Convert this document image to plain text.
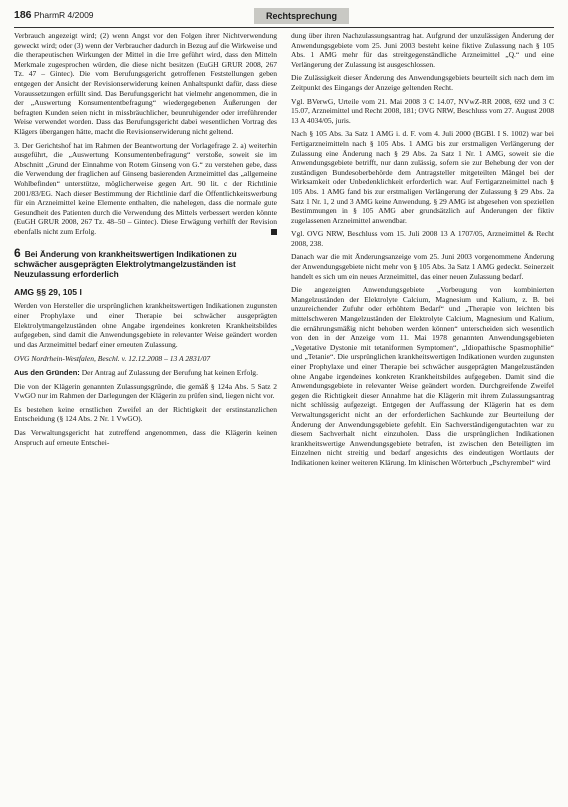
186 PharmR 4/2009	Rechtsprechung

Verbrauch angezeigt wird; (2) wenn Angst vor den Folgen ihrer Nichtverwendung geweckt wird; oder (3) wenn der Verbraucher dadurch in Bezug auf die Wirkweise und die therapeutischen Wirkungen der Mittel in die Irre geführt wird, dass den Mitteln Merkmale zugesprochen würden, die diese nicht besitzen (EuGH GRUR 2008, 267 Tz. 47 – Gintec). Die vom Berufungsgericht getroffenen Feststellungen geben entgegen der Ansicht der Revisionserwiderung keinen Anhaltspunkt dafür, dass diese Voraussetzungen erfüllt sind. Das Berufungsgericht hat vielmehr angenommen, die in der „Auswertung Konsumententbefragung“ wiedergegebenen Äußerungen der befragten Kunden seien nicht in missbräuchlicher, beunruhigender oder irreführender Weise verwendet worden. Dass das Berufungsgericht dabei wesentlichen Vortrag des Klägers übergangen hätte, macht die Revisionserwiderung nicht geltend.

3. Der Gerichtshof hat im Rahmen der Beantwortung der Vorlagefrage 2. a) weiterhin ausgeführt, die „Auswertung Konsumentenbefragung“ verstoße, soweit sie im Abschnitt „Grund der Einnahme von Rotem Ginseng von G.“ zu verstehen gebe, dass die Verwendung der fraglichen auf Ginseng basierenden Arzneimittel das „allgemeine Wohlbefinden“ unterstütze, möglicherweise gegen Art. 90 lit. c der Richtlinie 2001/83/EG. Nach dieser Bestimmung der Richtlinie darf die Öffentlichkeitswerbung für ein Arzneimittel keine Elemente enthalten, die nahelegen, dass die normale gute Gesundheit des Patienten durch die Verwendung des Mittels verbessert werden könnte (EuGH GRUR 2008, 267 Tz. 48–50 – Gintec). Diese Erwägung verhilft der Revision ebenfalls nicht zum Erfolg.

6 Bei Änderung von krankheitswertigen Indikationen zu schwächer ausgeprägten Elektrolytmangelzuständen ist Neuzulassung erforderlich
AMG §§ 29, 105 I

Werden von Hersteller die ursprünglichen krankheitswertigen Indikationen zugunsten einer Prophylaxe und einer Therapie bei schwächer ausgeprägten Elektrolytmangelzuständen ohne Angabe irgendeines konkreten Krankheitsbildes aufgegeben, sind damit die Anwendungsgebiete in relevanter Weise geändert worden und das Arzneimittel bedarf einer erneuten Zulassung.

OVG Nordrhein-Westfalen, Beschl. v. 12.12.2008 – 13 A 2831/07

Aus den Gründen: Der Antrag auf Zulassung der Berufung hat keinen Erfolg.

Die von der Klägerin genannten Zulassungsgründe, die gemäß § 124a Abs. 5 Satz 2 VwGO nur im Rahmen der Darlegungen der Klägerin zu prüfen sind, liegen nicht vor.

Es bestehen keine ernstlichen Zweifel an der Richtigkeit der erstinstanzlichen Entscheidung (§ 124 Abs. 2 Nr. 1 VwGO).

Das Verwaltungsgericht hat zutreffend angenommen, dass die Klägerin keinen Anspruch auf erneute Entschei-

dung über ihren Nachzulassungsantrag hat. Aufgrund der unzulässigen Änderung der Anwendungsgebiete vom 25. Juni 2003 besteht keine fiktive Zulassung nach § 105 Abs. 1 AMG mehr für das streitgegenständliche Arzneimittel „Q.“ und eine Verlängerung der Zulassung ist ausgeschlossen.

Die Zulässigkeit dieser Änderung des Anwendungsgebiets beurteilt sich nach dem im Zeitpunkt des Eingangs der Anzeige geltenden Recht.

Vgl. BVerwG, Urteile vom 21. Mai 2008 3 C 14.07, NVwZ-RR 2008, 692 und 3 C 15.07, Arzneimittel und Recht 2008, 181; OVG NRW, Beschluss vom 27. August 2008 13 A 4034/05, juris.

Nach § 105 Abs. 3a Satz 1 AMG i. d. F. vom 4. Juli 2000 (BGBl. I S. 1002) war bei Fertigarzneimitteln nach § 105 Abs. 1 AMG bis zur erstmaligen Verlängerung der Zulassung eine Änderung nach § 29 Abs. 2a Satz 1 Nr. 1 AMG, soweit sie die Anwendungsgebiete betrifft, nur dann zulässig, sofern sie zur Behebung der von der zuständigen Bundesoberbehörde dem Antragsteller mitgeteilten Mängel bei der Wirksamkeit oder Unbedenklichkeit erforderlich war. Auf Fertigarzneimittel nach § 105 Abs. 1 AMG fand bis zur erstmaligen Verlängerung der Zulassung § 29 Abs. 2a Satz 1 Nr. 1, 2 und 3 AMG keine Anwendung. § 29 AMG ist abgesehen von speziellen Bestimmungen in § 105 AMG aber grundsätzlich auf Änderungen der fiktiv zugelassenen Arzneimittel anwendbar.

Vgl. OVG NRW, Beschluss vom 15. Juli 2008 13 A 1707/05, Arzneimittel & Recht 2008, 238.

Danach war die mit Änderungsanzeige vom 25. Juni 2003 vorgenommene Änderung der Anwendungsgebiete nicht mehr von § 105 Abs. 3a Satz 1 AMG gedeckt. Seinerzeit handelt es sich um ein neues Arzneimittel, das einer neuen Zulassung bedarf.

Die angezeigten Anwendungsgebiete „Vorbeugung von kombinierten Mangelzuständen der Elektrolyte Calcium, Magnesium und Kalium, z. B. bei unzureichender Zufuhr oder erhöhtem Bedarf“ und „Therapie von leichten bis mittelschweren Mangelzuständen der Elektrolyte Calcium, Magnesium und Kalium, die ernährungsmäßig nicht behoben werden können“ unterscheiden sich wesentlich von den in der Anzeige vom 11. Mai 1978 genannten Anwendungsgebieten „Vegetative Dystonie mit tetaniformen Symptomen“, „Idiopathische Spasmophilie“ und „Tetanie“. Die ursprünglichen krankheitswertigen Indikationen wurden zugunsten einer Prophylaxe und einer Therapie bei schwächer ausgeprägten Mangelzuständen ohne Angabe irgendeines konkreten Krankheitsbildes aufgegeben. Damit sind die Anwendungsgebiete in relevanter Weise geändert worden. Durchgreifende Zweifel gegen die Richtigkeit dieser Annahme hat die Klägerin mit ihrem Zulassungsantrag nicht schlüssig aufgezeigt. Entgegen der Auffassung der Klägerin hat es dem Verwaltungsgericht nicht an der erforderlichen Sachkunde zur Beurteilung der Änderung der Anwendungsgebiete gefehlt. Ein Sachverständigengutachten war zu diesem Sachverhalt nicht einzuholen. Dass die ursprünglichen Indikationen krankheitswertige Anwendungsgebiete betrafen, ist zwischen den Beteiligten im Einzelnen nicht streitig und bedarf angesichts des eindeutigen Wortlauts der Indikationen keiner weiteren Klärung. Im klinischen Wörterbuch „Pschyrembel“ wird
